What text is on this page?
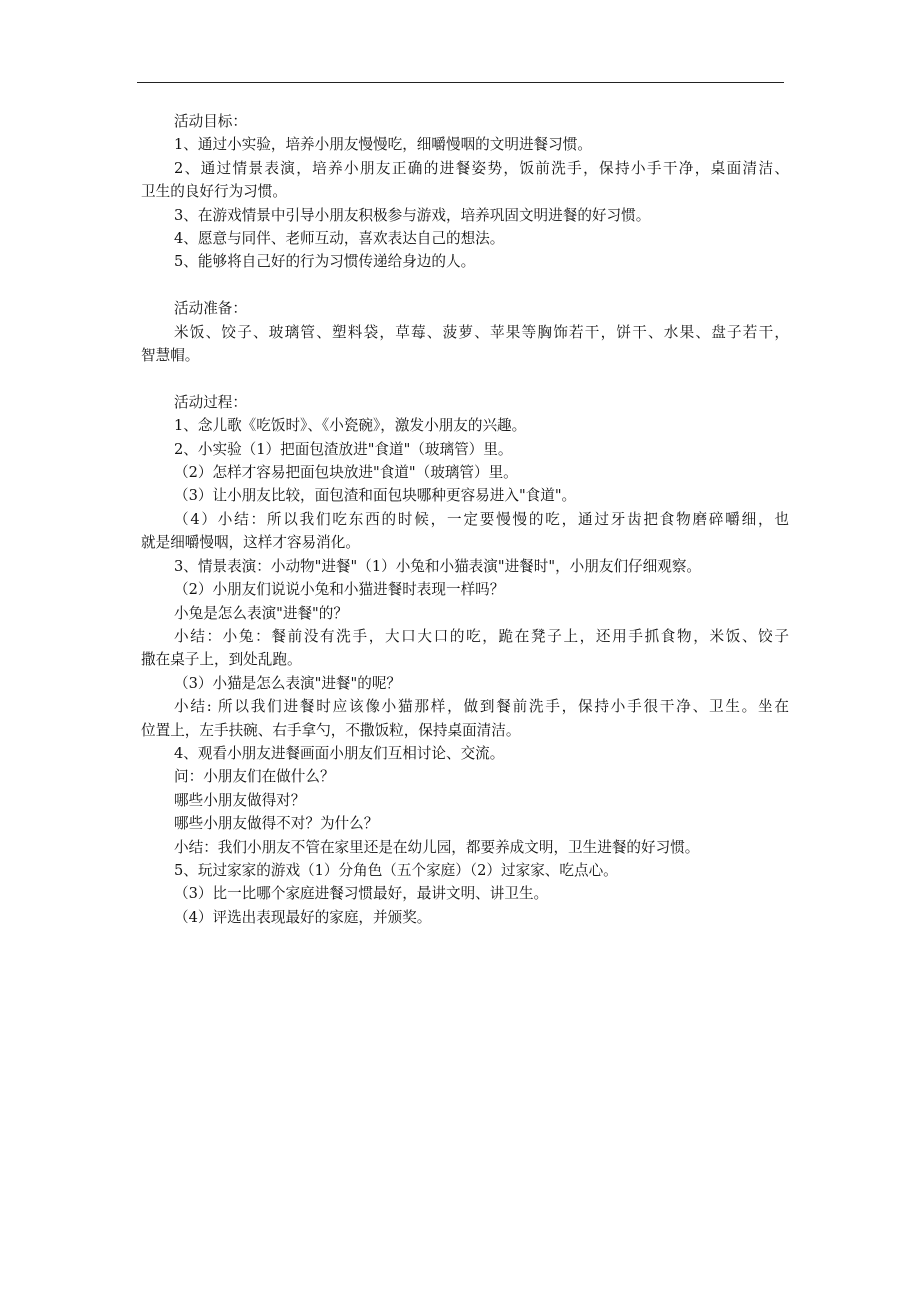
活动目标：

1、通过小实验，培养小朋友慢慢吃，细嚼慢咽的文明进餐习惯。

2、通过情景表演，培养小朋友正确的进餐姿势，饭前洗手，保持小手干净，桌面清洁、

卫生的良好行为习惯。

3、在游戏情景中引导小朋友积极参与游戏，培养巩固文明进餐的好习惯。

4、愿意与同伴、老师互动，喜欢表达自己的想法。

5、能够将自己好的行为习惯传递给身边的人。

活动准备：

米饭、饺子、玻璃管、塑料袋，草莓、菠萝、苹果等胸饰若干，饼干、水果、盘子若干，

智慧帽。

活动过程：

1、念儿歌《吃饭时》、《小瓷碗》，激发小朋友的兴趣。

2、小实验（1）把面包渣放进"食道"（玻璃管）里。

（2）怎样才容易把面包块放进"食道"（玻璃管）里。

（3）让小朋友比较，面包渣和面包块哪种更容易进入"食道"。

（4）小结：所以我们吃东西的时候，一定要慢慢的吃，通过牙齿把食物磨碎嚼细，也

就是细嚼慢咽，这样才容易消化。

3、情景表演：小动物"进餐"（1）小兔和小猫表演"进餐时"，小朋友们仔细观察。

（2）小朋友们说说小兔和小猫进餐时表现一样吗？

小兔是怎么表演"进餐"的？

小结：小兔：餐前没有洗手，大口大口的吃，跪在凳子上，还用手抓食物，米饭、饺子

撒在桌子上，到处乱跑。

（3）小猫是怎么表演"进餐"的呢？

小结: 所以我们进餐时应该像小猫那样，做到餐前洗手，保持小手很干净、卫生。坐在

位置上，左手扶碗、右手拿勺，不撒饭粒，保持桌面清洁。

4、观看小朋友进餐画面小朋友们互相讨论、交流。

问：小朋友们在做什么？

哪些小朋友做得对？

哪些小朋友做得不对？为什么？

小结：我们小朋友不管在家里还是在幼儿园，都要养成文明，卫生进餐的好习惯。

5、玩过家家的游戏（1）分角色（五个家庭）（2）过家家、吃点心。

（3）比一比哪个家庭进餐习惯最好，最讲文明、讲卫生。

（4）评选出表现最好的家庭，并颁奖。
